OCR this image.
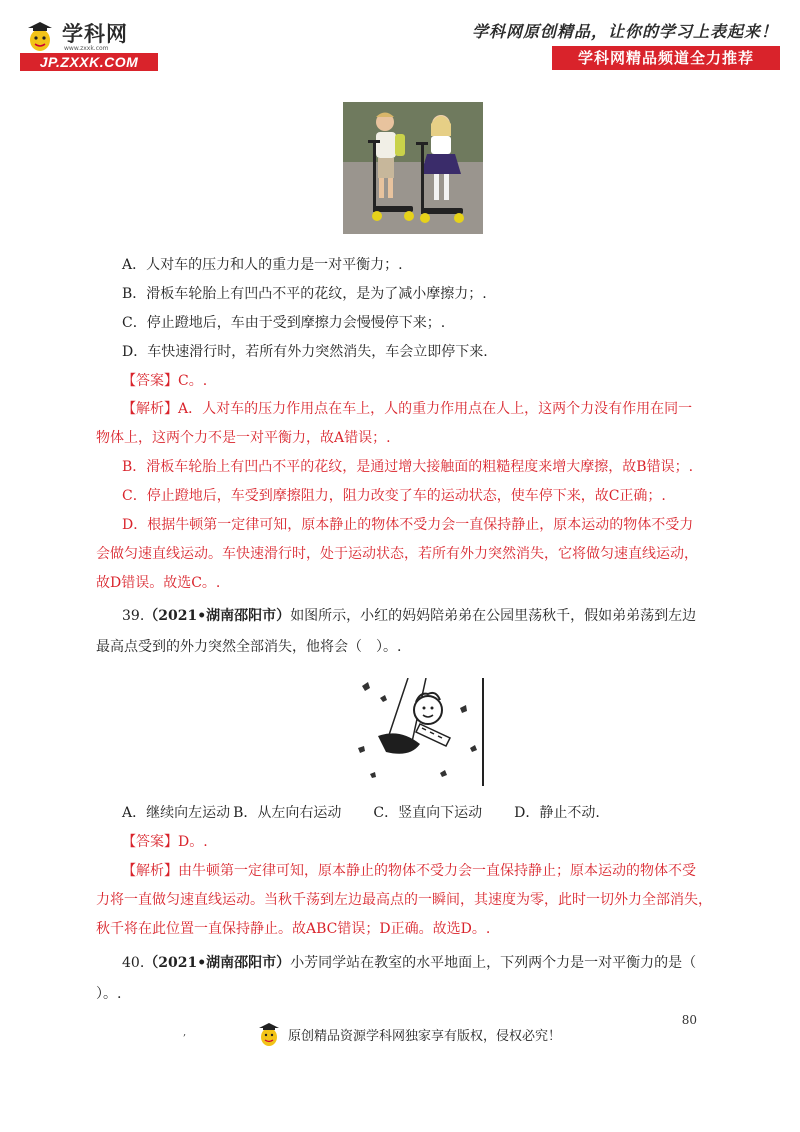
学科网
www.zxxk.com
JP.ZXXK.COM
学科网原创精品，让你的学习上表起来！
学科网精品频道全力推荐
A．人对车的压力和人的重力是一对平衡力；.
B．滑板车轮胎上有凹凸不平的花纹，是为了减小摩擦力；.
C．停止蹬地后，车由于受到摩擦力会慢慢停下来；.
D．车快速滑行时，若所有外力突然消失，车会立即停下来.
【答案】C。.
【解析】A．人对车的压力作用点在车上，人的重力作用点在人上，这两个力没有作用在同一
物体上，这两个力不是一对平衡力，故A错误；.
B．滑板车轮胎上有凹凸不平的花纹，是通过增大接触面的粗糙程度来增大摩擦，故B错误；.
C．停止蹬地后，车受到摩擦阻力，阻力改变了车的运动状态，使车停下来，故C正确；.
D．根据牛顿第一定律可知，原本静止的物体不受力会一直保持静止，原本运动的物体不受力
会做匀速直线运动。车快速滑行时，处于运动状态，若所有外力突然消失，它将做匀速直线运动，
故D错误。故选C。.
39.（2021•湖南邵阳市）如图所示，小红的妈妈陪弟弟在公园里荡秋千，假如弟弟荡到左边
最高点受到的外力突然全部消失，他将会（　）。.
A．继续向左运动 B．从左向右运动 C．竖直向下运动 D．静止不动.
【答案】D。.
【解析】由牛顿第一定律可知，原本静止的物体不受力会一直保持静止；原本运动的物体不受
力将一直做匀速直线运动。当秋千荡到左边最高点的一瞬间，其速度为零，此时一切外力全部消失，
秋千将在此位置一直保持静止。故ABC错误；D正确。故选D。.
40.（2021•湖南邵阳市）小芳同学站在教室的水平地面上，下列两个力是一对平衡力的是（
）。.
80
,	原创精品资源学科网独家享有版权，侵权必究！
